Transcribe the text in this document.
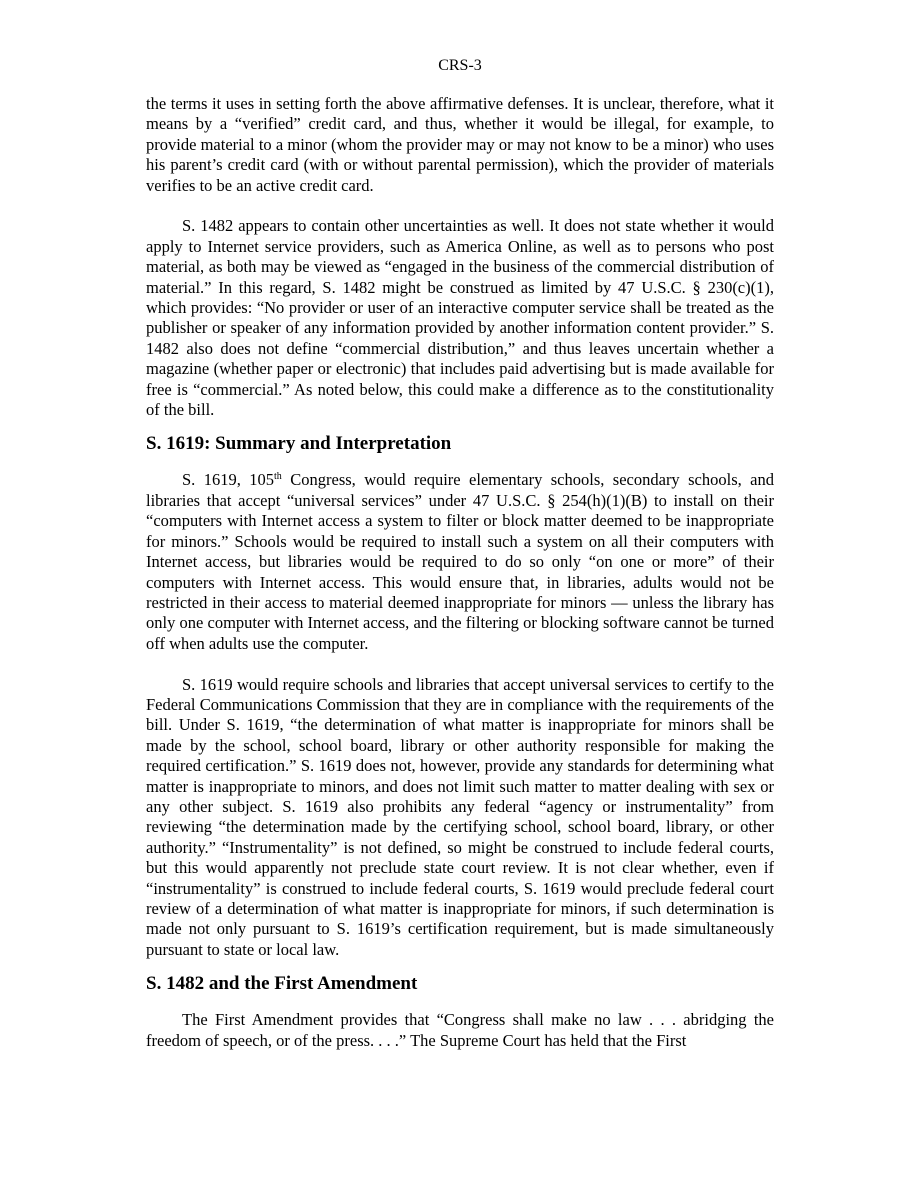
CRS-3

the terms it uses in setting forth the above affirmative defenses. It is unclear, therefore, what it means by a “verified” credit card, and thus, whether it would be illegal, for example, to provide material to a minor (whom the provider may or may not know to be a minor) who uses his parent’s credit card (with or without parental permission), which the provider of materials verifies to be an active credit card.

S. 1482 appears to contain other uncertainties as well. It does not state whether it would apply to Internet service providers, such as America Online, as well as to persons who post material, as both may be viewed as “engaged in the business of the commercial distribution of material.” In this regard, S. 1482 might be construed as limited by 47 U.S.C. § 230(c)(1), which provides: “No provider or user of an interactive computer service shall be treated as the publisher or speaker of any information provided by another information content provider.” S. 1482 also does not define “commercial distribution,” and thus leaves uncertain whether a magazine (whether paper or electronic) that includes paid advertising but is made available for free is “commercial.” As noted below, this could make a difference as to the constitutionality of the bill.

S. 1619: Summary and Interpretation

S. 1619, 105th Congress, would require elementary schools, secondary schools, and libraries that accept “universal services” under 47 U.S.C. § 254(h)(1)(B) to install on their “computers with Internet access a system to filter or block matter deemed to be inappropriate for minors.” Schools would be required to install such a system on all their computers with Internet access, but libraries would be required to do so only “on one or more” of their computers with Internet access. This would ensure that, in libraries, adults would not be restricted in their access to material deemed inappropriate for minors — unless the library has only one computer with Internet access, and the filtering or blocking software cannot be turned off when adults use the computer.

S. 1619 would require schools and libraries that accept universal services to certify to the Federal Communications Commission that they are in compliance with the requirements of the bill. Under S. 1619, “the determination of what matter is inappropriate for minors shall be made by the school, school board, library or other authority responsible for making the required certification.” S. 1619 does not, however, provide any standards for determining what matter is inappropriate to minors, and does not limit such matter to matter dealing with sex or any other subject. S. 1619 also prohibits any federal “agency or instrumentality” from reviewing “the determination made by the certifying school, school board, library, or other authority.” “Instrumentality” is not defined, so might be construed to include federal courts, but this would apparently not preclude state court review. It is not clear whether, even if “instrumentality” is construed to include federal courts, S. 1619 would preclude federal court review of a determination of what matter is inappropriate for minors, if such determination is made not only pursuant to S. 1619’s certification requirement, but is made simultaneously pursuant to state or local law.

S. 1482 and the First Amendment

The First Amendment provides that “Congress shall make no law . . . abridging the freedom of speech, or of the press. . . .” The Supreme Court has held that the First
